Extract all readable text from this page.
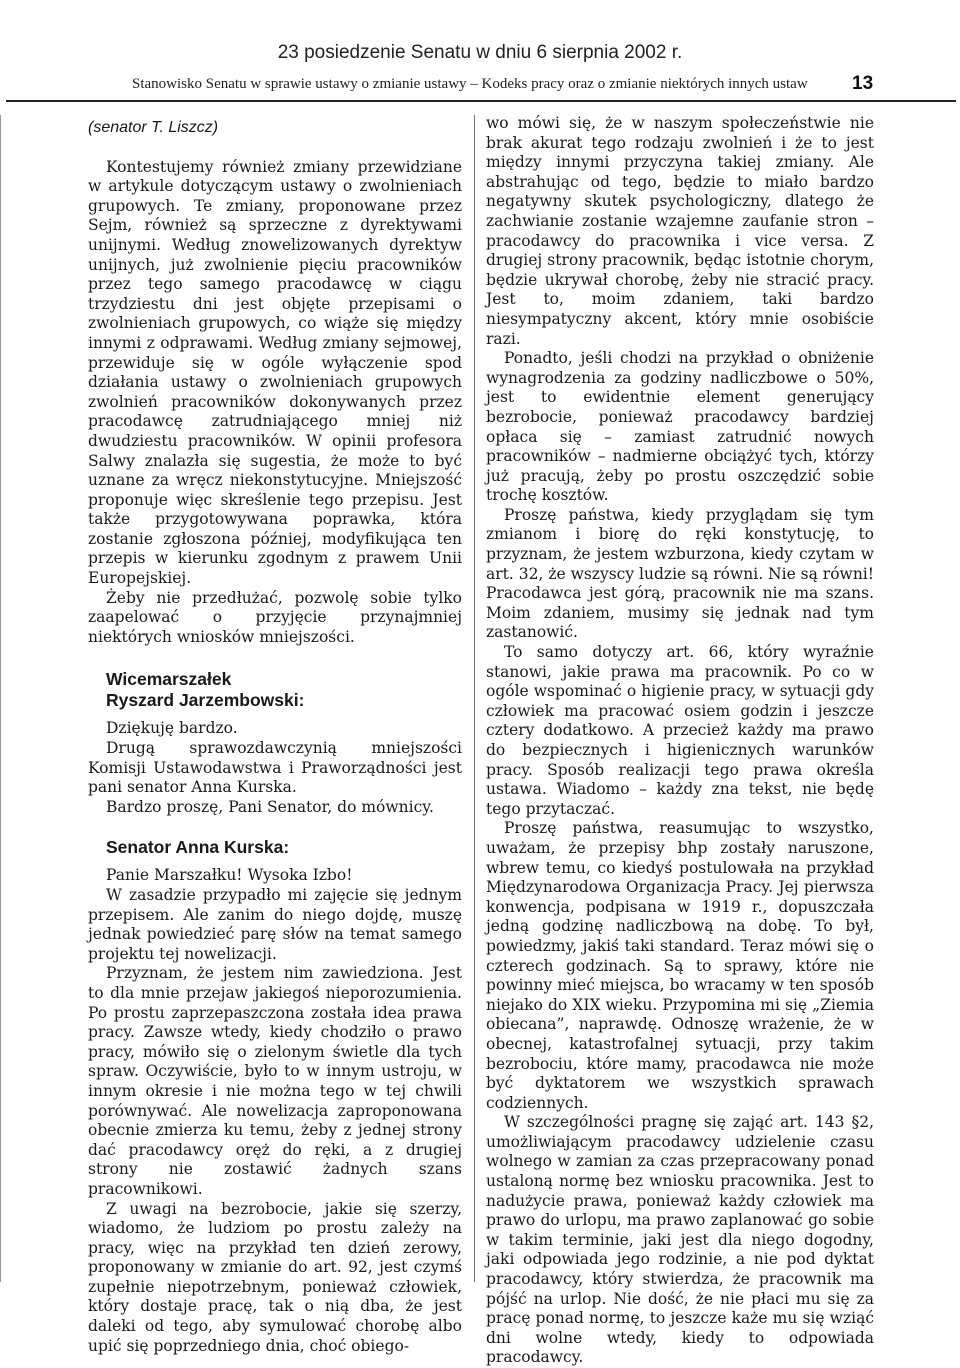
23 posiedzenie Senatu w dniu 6 sierpnia 2002 r.
Stanowisko Senatu w sprawie ustawy o zmianie ustawy – Kodeks pracy oraz o zmianie niektórych innych ustaw 13

(senator T. Liszcz)

Kontestujemy również zmiany przewidziane w artykule dotyczącym ustawy o zwolnieniach grupowych. Te zmiany, proponowane przez Sejm, również są sprzeczne z dyrektywami unijnymi. Według znowelizowanych dyrektyw unijnych, już zwolnienie pięciu pracowników przez tego samego pracodawcę w ciągu trzydziestu dni jest objęte przepisami o zwolnieniach grupowych, co wiąże się między innymi z odprawami. Według zmiany sejmowej, przewiduje się w ogóle wyłączenie spod działania ustawy o zwolnieniach grupowych zwolnień pracowników dokonywanych przez pracodawcę zatrudniającego mniej niż dwudziestu pracowników. W opinii profesora Salwy znalazła się sugestia, że może to być uznane za wręcz niekonstytucyjne. Mniejszość proponuje więc skreślenie tego przepisu. Jest także przygotowywana poprawka, która zostanie zgłoszona później, modyfikująca ten przepis w kierunku zgodnym z prawem Unii Europejskiej.

Żeby nie przedłużać, pozwolę sobie tylko zaapelować o przyjęcie przynajmniej niektórych wniosków mniejszości.

Wicemarszałek
Ryszard Jarzembowski:

Dziękuję bardzo.

Drugą sprawozdawczynią mniejszości Komisji Ustawodawstwa i Praworządności jest pani senator Anna Kurska.

Bardzo proszę, Pani Senator, do mównicy.

Senator Anna Kurska:

Panie Marszałku! Wysoka Izbo!

W zasadzie przypadło mi zajęcie się jednym przepisem. Ale zanim do niego dojdę, muszę jednak powiedzieć parę słów na temat samego projektu tej nowelizacji.

Przyznam, że jestem nim zawiedziona. Jest to dla mnie przejaw jakiegoś nieporozumienia. Po prostu zaprzepaszczona została idea prawa pracy. Zawsze wtedy, kiedy chodziło o prawo pracy, mówiło się o zielonym świetle dla tych spraw. Oczywiście, było to w innym ustroju, w innym okresie i nie można tego w tej chwili porównywać. Ale nowelizacja zaproponowana obecnie zmierza ku temu, żeby z jednej strony dać pracodawcy oręż do ręki, a z drugiej strony nie zostawić żadnych szans pracownikowi.

Z uwagi na bezrobocie, jakie się szerzy, wiadomo, że ludziom po prostu zależy na pracy, więc na przykład ten dzień zerowy, proponowany w zmianie do art. 92, jest czymś zupełnie niepotrzebnym, ponieważ człowiek, który dostaje pracę, tak o nią dba, że jest daleki od tego, aby symulować chorobę albo upić się poprzedniego dnia, choć obiego-

wo mówi się, że w naszym społeczeństwie nie brak akurat tego rodzaju zwolnień i że to jest między innymi przyczyna takiej zmiany. Ale abstrahując od tego, będzie to miało bardzo negatywny skutek psychologiczny, dlatego że zachwianie zostanie wzajemne zaufanie stron – pracodawcy do pracownika i vice versa. Z drugiej strony pracownik, będąc istotnie chorym, będzie ukrywał chorobę, żeby nie stracić pracy. Jest to, moim zdaniem, taki bardzo niesympatyczny akcent, który mnie osobiście razi.

Ponadto, jeśli chodzi na przykład o obniżenie wynagrodzenia za godziny nadliczbowe o 50%, jest to ewidentnie element generujący bezrobocie, ponieważ pracodawcy bardziej opłaca się – zamiast zatrudnić nowych pracowników – nadmierne obciążyć tych, którzy już pracują, żeby po prostu oszczędzić sobie trochę kosztów.

Proszę państwa, kiedy przyglądam się tym zmianom i biorę do ręki konstytucję, to przyznam, że jestem wzburzona, kiedy czytam w art. 32, że wszyscy ludzie są równi. Nie są równi! Pracodawca jest górą, pracownik nie ma szans. Moim zdaniem, musimy się jednak nad tym zastanowić.

To samo dotyczy art. 66, który wyraźnie stanowi, jakie prawa ma pracownik. Po co w ogóle wspominać o higienie pracy, w sytuacji gdy człowiek ma pracować osiem godzin i jeszcze cztery dodatkowo. A przecież każdy ma prawo do bezpiecznych i higienicznych warunków pracy. Sposób realizacji tego prawa określa ustawa. Wiadomo – każdy zna tekst, nie będę tego przytaczać.

Proszę państwa, reasumując to wszystko, uważam, że przepisy bhp zostały naruszone, wbrew temu, co kiedyś postulowała na przykład Międzynarodowa Organizacja Pracy. Jej pierwsza konwencja, podpisana w 1919 r., dopuszczała jedną godzinę nadliczbową na dobę. To był, powiedzmy, jakiś taki standard. Teraz mówi się o czterech godzinach. Są to sprawy, które nie powinny mieć miejsca, bo wracamy w ten sposób niejako do XIX wieku. Przypomina mi się „Ziemia obiecana”, naprawdę. Odnoszę wrażenie, że w obecnej, katastrofalnej sytuacji, przy takim bezrobociu, które mamy, pracodawca nie może być dyktatorem we wszystkich sprawach codziennych.

W szczególności pragnę się zająć art. 143 §2, umożliwiającym pracodawcy udzielenie czasu wolnego w zamian za czas przepracowany ponad ustaloną normę bez wniosku pracownika. Jest to nadużycie prawa, ponieważ każdy człowiek ma prawo do urlopu, ma prawo zaplanować go sobie w takim terminie, jaki jest dla niego dogodny, jaki odpowiada jego rodzinie, a nie pod dyktat pracodawcy, który stwierdza, że pracownik ma pójść na urlop. Nie dość, że nie płaci mu się za pracę ponad normę, to jeszcze każe mu się wziąć dni wolne wtedy, kiedy to odpowiada pracodawcy.
